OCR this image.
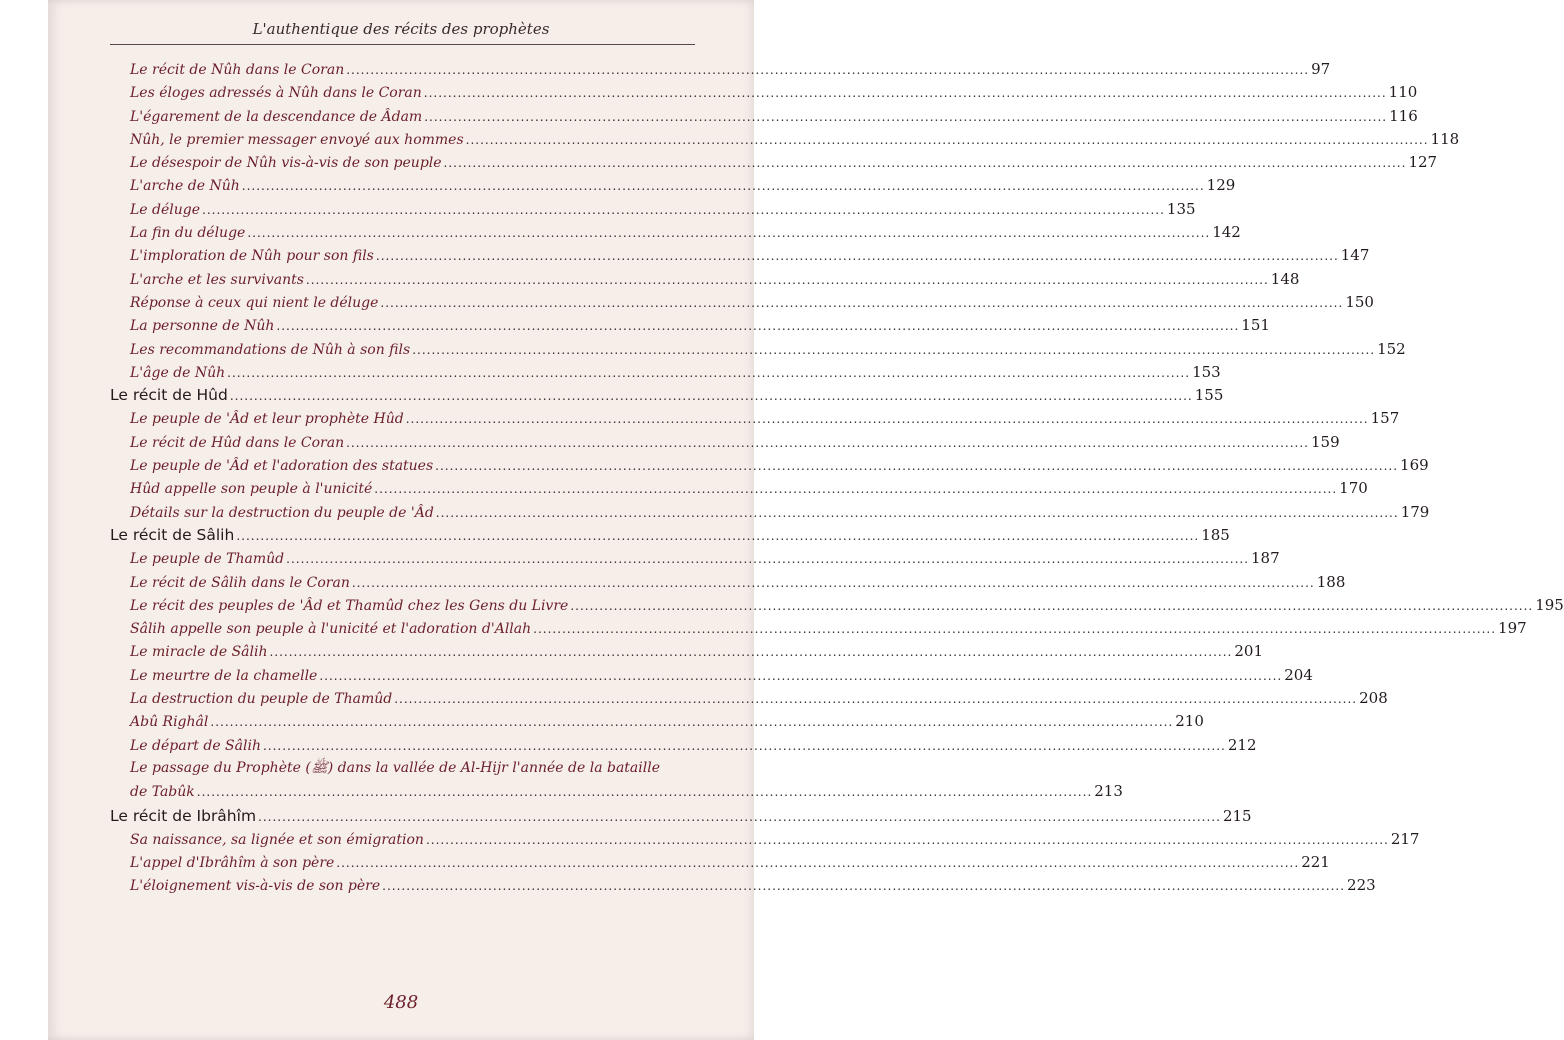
L'authentique des récits des prophètes
Le récit de Nûh dans le Coran ........................................................................................................................................................................................................ 97
Les éloges adressés à Nûh dans le Coran ........................................................................................................................................................................................................ 110
L'égarement de la descendance de Âdam ........................................................................................................................................................................................................ 116
Nûh, le premier messager envoyé aux hommes ........................................................................................................................................................................................................ 118
Le désespoir de Nûh vis-à-vis de son peuple ........................................................................................................................................................................................................ 127
L'arche de Nûh ........................................................................................................................................................................................................ 129
Le déluge ........................................................................................................................................................................................................ 135
La fin du déluge ........................................................................................................................................................................................................ 142
L'imploration de Nûh pour son fils ........................................................................................................................................................................................................ 147
L'arche et les survivants ........................................................................................................................................................................................................ 148
Réponse à ceux qui nient le déluge ........................................................................................................................................................................................................ 150
La personne de Nûh ........................................................................................................................................................................................................ 151
Les recommandations de Nûh à son fils ........................................................................................................................................................................................................ 152
L'âge de Nûh ........................................................................................................................................................................................................ 153
Le récit de Hûd ........................................................................................................................................................................................................ 155
Le peuple de 'Âd et leur prophète Hûd ........................................................................................................................................................................................................ 157
Le récit de Hûd dans le Coran ........................................................................................................................................................................................................ 159
Le peuple de 'Âd et l'adoration des statues ........................................................................................................................................................................................................ 169
Hûd appelle son peuple à l'unicité ........................................................................................................................................................................................................ 170
Détails sur la destruction du peuple de 'Âd ........................................................................................................................................................................................................ 179
Le récit de Sâlih ........................................................................................................................................................................................................ 185
Le peuple de Thamûd ........................................................................................................................................................................................................ 187
Le récit de Sâlih dans le Coran ........................................................................................................................................................................................................ 188
Le récit des peuples de 'Âd et Thamûd chez les Gens du Livre ........................................................................................................................................................................................................ 195
Sâlih appelle son peuple à l'unicité et l'adoration d'Allah ........................................................................................................................................................................................................ 197
Le miracle de Sâlih ........................................................................................................................................................................................................ 201
Le meurtre de la chamelle ........................................................................................................................................................................................................ 204
La destruction du peuple de Thamûd ........................................................................................................................................................................................................ 208
Abû Righâl ........................................................................................................................................................................................................ 210
Le départ de Sâlih ........................................................................................................................................................................................................ 212
Le passage du Prophète (ﷺ) dans la vallée de Al-Hijr l'année de la bataille
de Tabûk .......................................................................................................................................................................................... 213
Le récit de Ibrâhîm ........................................................................................................................................................................................................ 215
Sa naissance, sa lignée et son émigration ........................................................................................................................................................................................................ 217
L'appel d'Ibrâhîm à son père ........................................................................................................................................................................................................ 221
L'éloignement vis-à-vis de son père ........................................................................................................................................................................................................ 223
488
